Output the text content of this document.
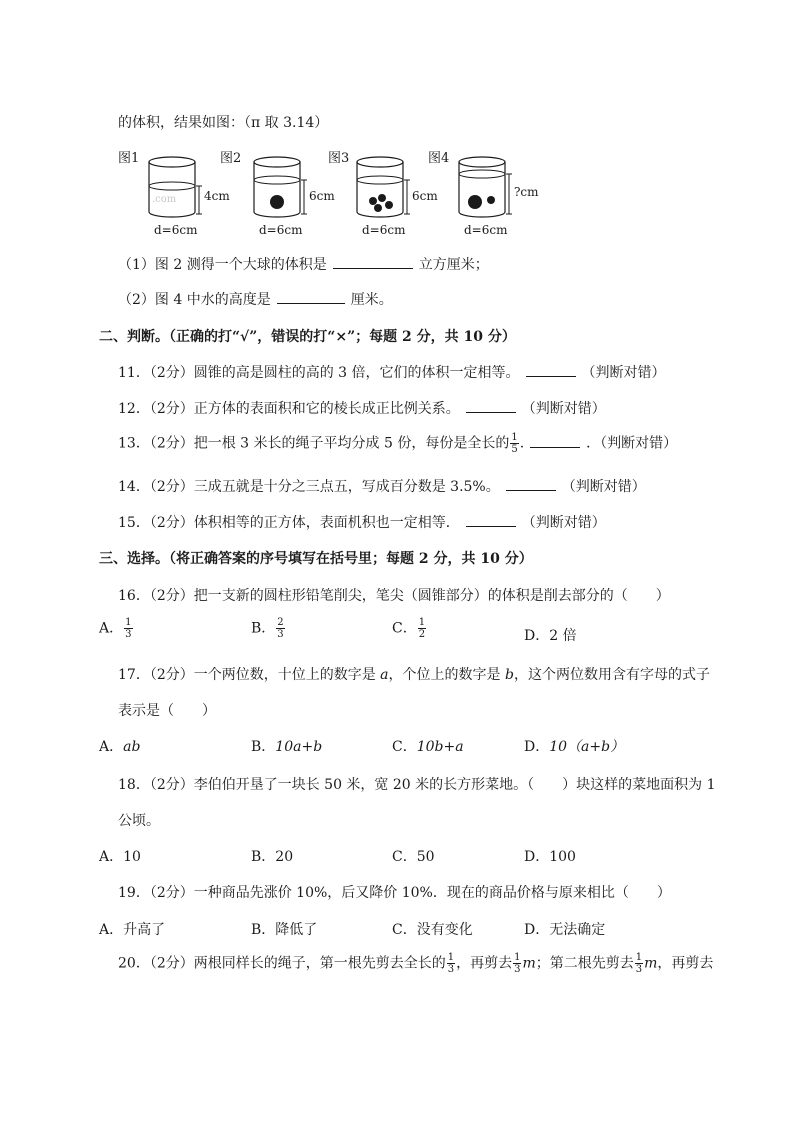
的体积，结果如图：（π 取 3.14）
图1	图2	图3	图4
4cm
.com
d=6cm
6cm
d=6cm
6cm
d=6cm
?cm
d=6cm
（1）图 2 测得一个大球的体积是	立方厘米；
（2）图 4 中水的高度是	厘米。
二、判断。（正确的打“√”，错误的打“×”；每题 2 分，共 10 分）
11．（2分）圆锥的高是圆柱的高的 3 倍，它们的体积一定相等。	（判断对错）
12．（2分）正方体的表面积和它的棱长成正比例关系。	（判断对错）
13．（2分）把一根 3 米长的绳子平均分成 5 份，每份是全长的 $\frac{1}{5}$ .	．（判断对错）
14．（2分）三成五就是十分之三点五，写成百分数是 3.5%。	（判断对错）
15．（2分）体积相等的正方体，表面机积也一定相等．	（判断对错）
三、选择。（将正确答案的序号填写在括号里；每题 2 分，共 10 分）
16．（2分）把一支新的圆柱形铅笔削尖，笔尖（圆锥部分）的体积是削去部分的（　　）
A． $\frac{1}{3}$	B． $\frac{2}{3}$	C． $\frac{1}{2}$	D．2 倍
17．（2分）一个两位数，十位上的数字是 a，个位上的数字是 b，这个两位数用含有字母的式子
表示是（　　）
A．ab	B．10a+b	C．10b+a	D．10（a+b）
18．（2分）李伯伯开垦了一块长 50 米，宽 20 米的长方形菜地。（　　）块这样的菜地面积为 1
公顷。
A．10	B．20	C．50	D．100
19．（2分）一种商品先涨价 10%，后又降价 10%．现在的商品价格与原来相比（　　）
A．升高了	B．降低了	C．没有变化	D．无法确定
20．（2分）两根同样长的绳子，第一根先剪去全长的 $\frac{1}{3}$ ，再剪去 $\frac{1}{3}$ m；第二根先剪去 $\frac{1}{3}$ m，再剪去
